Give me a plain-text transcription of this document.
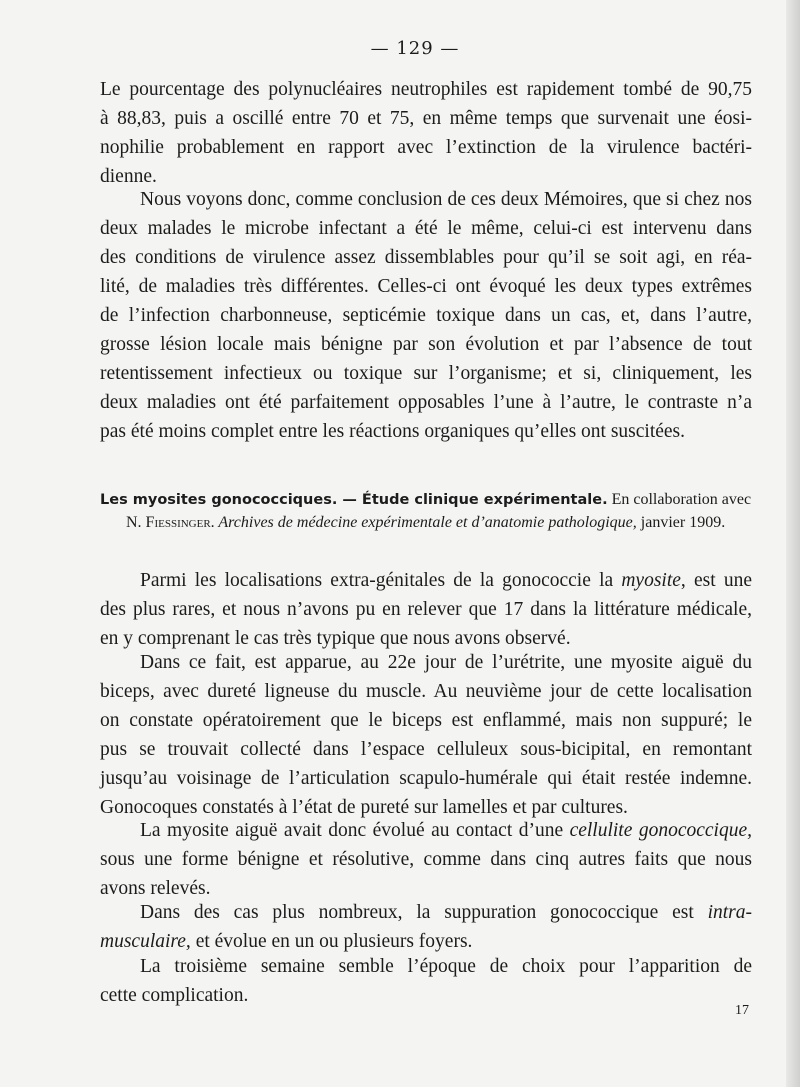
— 129 —
Le pourcentage des polynucléaires neutrophiles est rapidement tombé de 90,75
à 88,83, puis a oscillé entre 70 et 75, en même temps que survenait une éosi-
nophilie probablement en rapport avec l’extinction de la virulence bactéri-
dienne.
Nous voyons donc, comme conclusion de ces deux Mémoires, que si chez nos
deux malades le microbe infectant a été le même, celui-ci est intervenu dans
des conditions de virulence assez dissemblables pour qu’il se soit agi, en réa-
lité, de maladies très différentes. Celles-ci ont évoqué les deux types extrêmes
de l’infection charbonneuse, septicémie toxique dans un cas, et, dans l’autre,
grosse lésion locale mais bénigne par son évolution et par l’absence de tout
retentissement infectieux ou toxique sur l’organisme; et si, cliniquement, les
deux maladies ont été parfaitement opposables l’une à l’autre, le contraste n’a
pas été moins complet entre les réactions organiques qu’elles ont suscitées.
Les myosites gonococciques. — Étude clinique expérimentale. En collaboration avec
N. Fiessinger. Archives de médecine expérimentale et d’anatomie pathologique, janvier 1909.
Parmi les localisations extra-génitales de la gonococcie la myosite, est une
des plus rares, et nous n’avons pu en relever que 17 dans la littérature médicale,
en y comprenant le cas très typique que nous avons observé.
Dans ce fait, est apparue, au 22e jour de l’urétrite, une myosite aiguë du
biceps, avec dureté ligneuse du muscle. Au neuvième jour de cette localisation
on constate opératoirement que le biceps est enflammé, mais non suppuré; le
pus se trouvait collecté dans l’espace celluleux sous-bicipital, en remontant
jusqu’au voisinage de l’articulation scapulo-humérale qui était restée indemne.
Gonocoques constatés à l’état de pureté sur lamelles et par cultures.
La myosite aiguë avait donc évolué au contact d’une cellulite gonococcique,
sous une forme bénigne et résolutive, comme dans cinq autres faits que nous
avons relevés.
Dans des cas plus nombreux, la suppuration gonococcique est intra-
musculaire, et évolue en un ou plusieurs foyers.
La troisième semaine semble l’époque de choix pour l’apparition de
cette complication.
17
